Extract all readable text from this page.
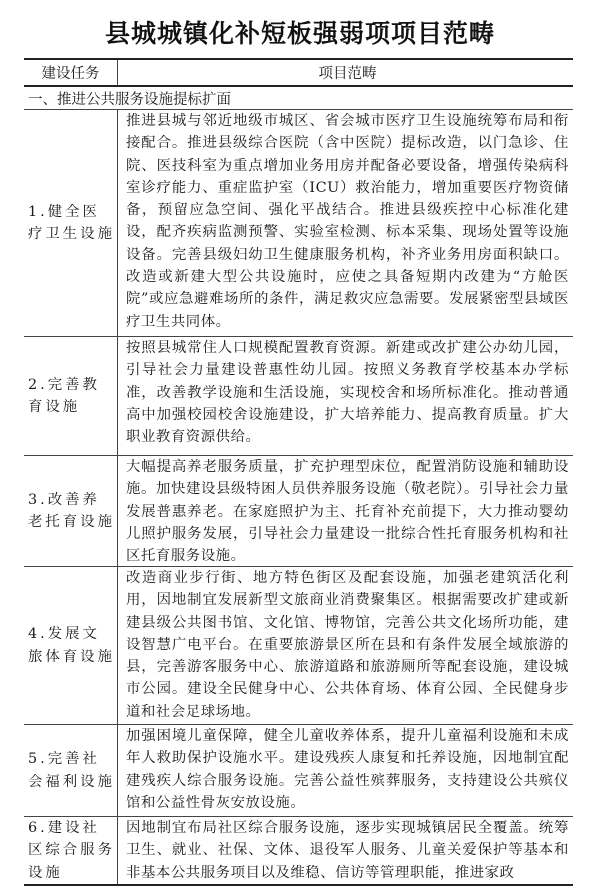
县城城镇化补短板强弱项项目范畴
建设任务	项目范畴
一、推进公共服务设施提标扩面
1.健全医疗卫生设施

推进县城与邻近地级市城区、省会城市医疗卫生设施统筹布局和衔接配合。推进县级综合医院（含中医院）提标改造，以门急诊、住院、医技科室为重点增加业务用房并配备必要设备，增强传染病科室诊疗能力、重症监护室（ICU）救治能力，增加重要医疗物资储备，预留应急空间、强化平战结合。推进县级疾控中心标准化建设，配齐疾病监测预警、实验室检测、标本采集、现场处置等设施设备。完善县级妇幼卫生健康服务机构，补齐业务用房面积缺口。改造或新建大型公共设施时，应使之具备短期内改建为“方舱医院”或应急避难场所的条件，满足救灾应急需要。发展紧密型县域医疗卫生共同体。

2.完善教育设施

按照县城常住人口规模配置教育资源。新建或改扩建公办幼儿园，引导社会力量建设普惠性幼儿园。按照义务教育学校基本办学标准，改善教学设施和生活设施，实现校舍和场所标准化。推动普通高中加强校园校舍设施建设，扩大培养能力、提高教育质量。扩大职业教育资源供给。

3.改善养老托育设施

大幅提高养老服务质量，扩充护理型床位，配置消防设施和辅助设施。加快建设县级特困人员供养服务设施（敬老院）。引导社会力量发展普惠养老。在家庭照护为主、托育补充前提下，大力推动婴幼儿照护服务发展，引导社会力量建设一批综合性托育服务机构和社区托育服务设施。

4.发展文旅体育设施

改造商业步行街、地方特色街区及配套设施，加强老建筑活化利用，因地制宜发展新型文旅商业消费聚集区。根据需要改扩建或新建县级公共图书馆、文化馆、博物馆，完善公共文化场所功能，建设智慧广电平台。在重要旅游景区所在县和有条件发展全域旅游的县，完善游客服务中心、旅游道路和旅游厕所等配套设施，建设城市公园。建设全民健身中心、公共体育场、体育公园、全民健身步道和社会足球场地。

5.完善社会福利设施

加强困境儿童保障，健全儿童收养体系，提升儿童福利设施和未成年人救助保护设施水平。建设残疾人康复和托养设施，因地制宜配建残疾人综合服务设施。完善公益性殡葬服务，支持建设公共殡仪馆和公益性骨灰安放设施。

6.建设社区综合服务设施

因地制宜布局社区综合服务设施，逐步实现城镇居民全覆盖。统筹卫生、就业、社保、文体、退役军人服务、儿童关爱保护等基本和非基本公共服务项目以及维稳、信访等管理职能，推进家政
